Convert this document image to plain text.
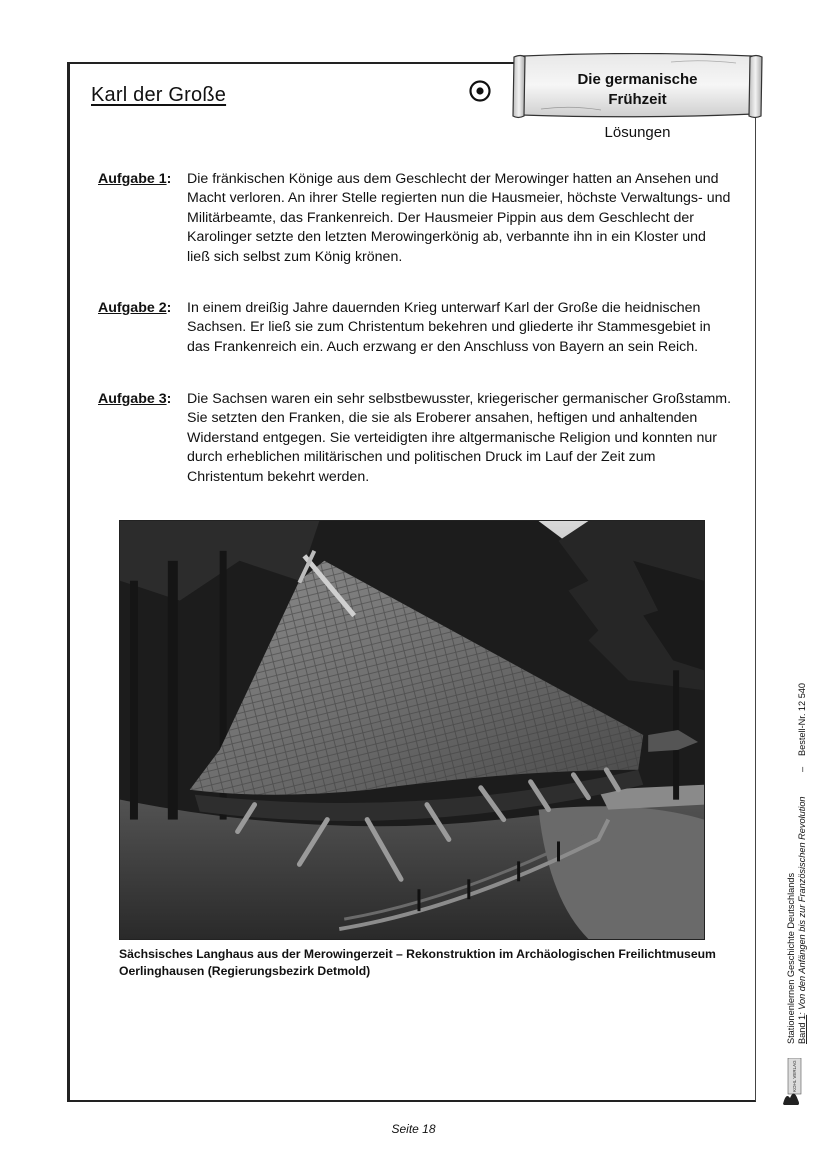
Karl der Große
Die germanische
Frühzeit
Lösungen
Aufgabe 1:	Die fränkischen Könige aus dem Geschlecht der Merowinger hatten an Ansehen und Macht verloren. An ihrer Stelle regierten nun die Hausmeier, höchste Verwaltungs- und Militärbeamte, das Frankenreich. Der Hausmeier Pippin aus dem Geschlecht der Karolinger setzte den letzten Merowingerkönig ab, verbannte ihn in ein Kloster und ließ sich selbst zum König krönen.
Aufgabe 2:	In einem dreißig Jahre dauernden Krieg unterwarf Karl der Große die heidnischen Sachsen. Er ließ sie zum Christentum bekehren und gliederte ihr Stammesgebiet in das Frankenreich ein. Auch erzwang er den Anschluss von Bayern an sein Reich.
Aufgabe 3:	Die Sachsen waren ein sehr selbstbewusster, kriegerischer germanischer Großstamm. Sie setzten den Franken, die sie als Eroberer ansahen, heftigen und anhaltenden Widerstand entgegen. Sie verteidigten ihre altgermanische Religion und konnten nur durch erheblichen militärischen und politischen Druck im Lauf der Zeit zum Christentum bekehrt werden.
Sächsisches Langhaus aus der Merowingerzeit – Rekonstruktion im Archäologischen Freilichtmuseum Oerlinghausen (Regierungsbezirk Detmold)	Stationenlernen Geschichte Deutschlands Band 1: Von den Anfängen bis zur Französischen Revolution
–
Bestell-Nr. 12 540
KOHL VERLAG
Seite 18
